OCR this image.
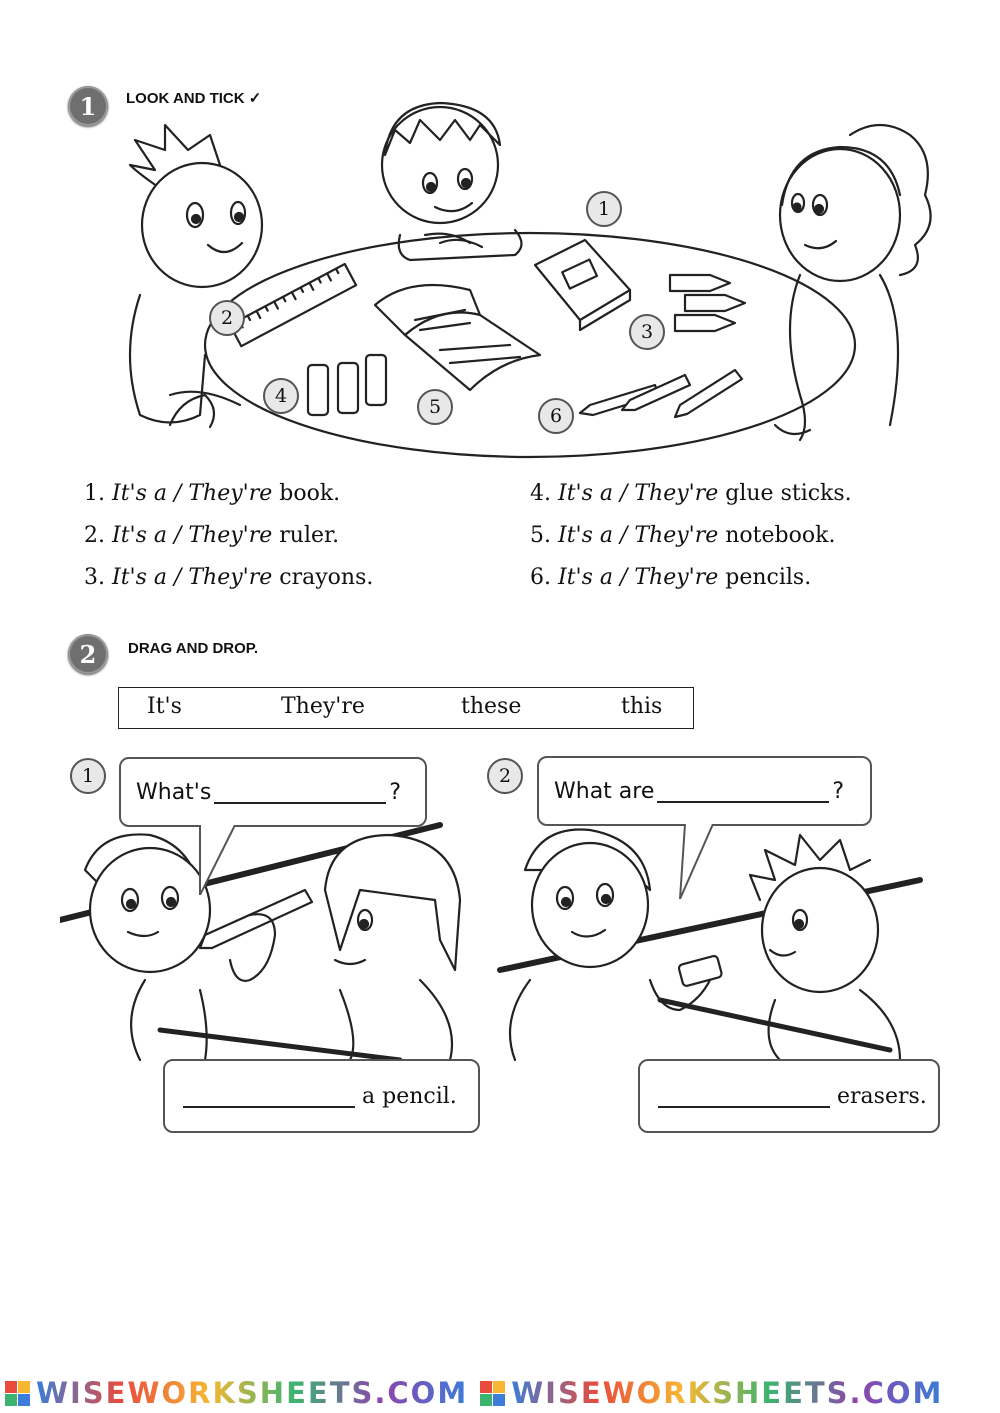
1	LOOK AND TICK ✓
1
2
3
4	5	6
1. It's a / They're book.
2. It's a / They're ruler.
3. It's a / They're crayons.
4. It's a / They're glue sticks.
5. It's a / They're notebook.
6. It's a / They're pencils.
2	DRAG AND DROP.
It's	They're	these	this
1
What's	?
a pencil.
2
What are	?
erasers.
WISEWORKSHEETS.COM WISEWORKSHEETS.COM
